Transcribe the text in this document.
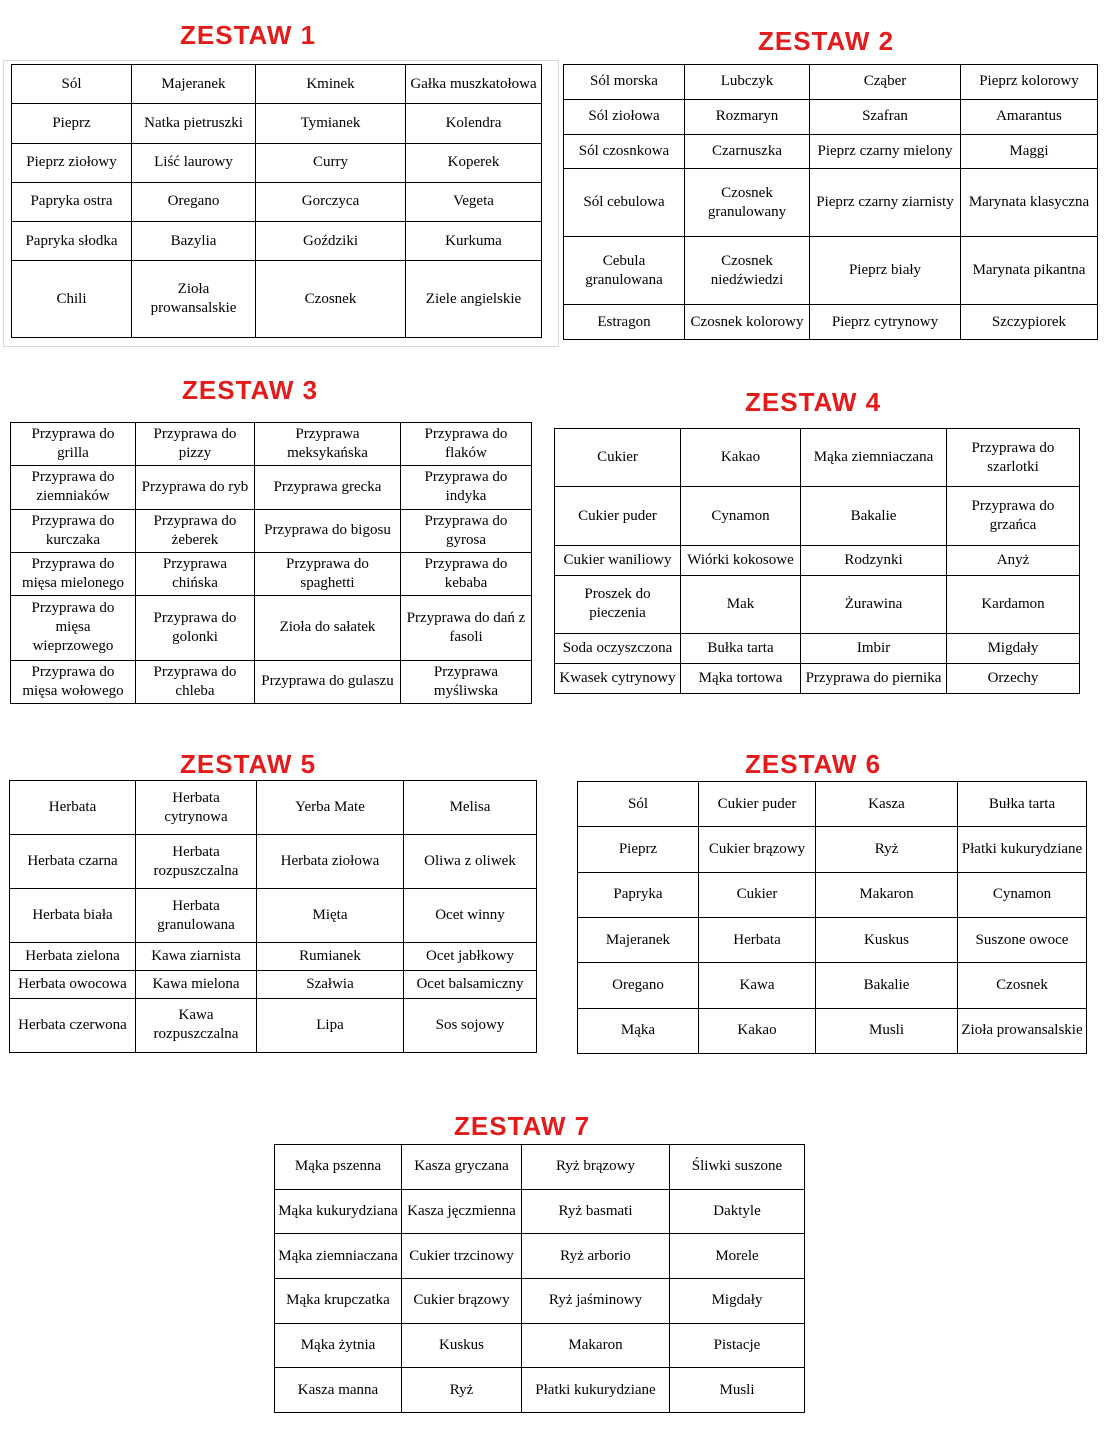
ZESTAW 1
Sól	Majeranek	Kminek	Gałka muszkatołowa
Pieprz	Natka pietruszki	Tymianek	Kolendra
Pieprz ziołowy	Liść laurowy	Curry	Koperek
Papryka ostra	Oregano	Gorczyca	Vegeta
Papryka słodka	Bazylia	Goździki	Kurkuma
Chili	Zioła prowansalskie	Czosnek	Ziele angielskie
ZESTAW 2
Sól morska	Lubczyk	Cząber	Pieprz kolorowy
Sól ziołowa	Rozmaryn	Szafran	Amarantus
Sól czosnkowa	Czarnuszka	Pieprz czarny mielony	Maggi
Sól cebulowa	Czosnek granulowany	Pieprz czarny ziarnisty	Marynata klasyczna
Cebula granulowana	Czosnek niedźwiedzi	Pieprz biały	Marynata pikantna
Estragon	Czosnek kolorowy	Pieprz cytrynowy	Szczypiorek
ZESTAW 3
Przyprawa do grilla	Przyprawa do pizzy	Przyprawa meksykańska	Przyprawa do flaków
Przyprawa do ziemniaków	Przyprawa do ryb	Przyprawa grecka	Przyprawa do indyka
Przyprawa do kurczaka	Przyprawa do żeberek	Przyprawa do bigosu	Przyprawa do gyrosa
Przyprawa do mięsa mielonego	Przyprawa chińska	Przyprawa do spaghetti	Przyprawa do kebaba
Przyprawa do mięsa wieprzowego	Przyprawa do golonki	Zioła do sałatek	Przyprawa do dań z fasoli
Przyprawa do mięsa wołowego	Przyprawa do chleba	Przyprawa do gulaszu	Przyprawa myśliwska
ZESTAW 4
Cukier	Kakao	Mąka ziemniaczana	Przyprawa do szarlotki
Cukier puder	Cynamon	Bakalie	Przyprawa do grzańca
Cukier waniliowy	Wiórki kokosowe	Rodzynki	Anyż
Proszek do pieczenia	Mak	Żurawina	Kardamon
Soda oczyszczona	Bułka tarta	Imbir	Migdały
Kwasek cytrynowy	Mąka tortowa	Przyprawa do piernika	Orzechy
ZESTAW 5
Herbata	Herbata cytrynowa	Yerba Mate	Melisa
Herbata czarna	Herbata rozpuszczalna	Herbata ziołowa	Oliwa z oliwek
Herbata biała	Herbata granulowana	Mięta	Ocet winny
Herbata zielona	Kawa ziarnista	Rumianek	Ocet jabłkowy
Herbata owocowa	Kawa mielona	Szałwia	Ocet balsamiczny
Herbata czerwona	Kawa rozpuszczalna	Lipa	Sos sojowy
ZESTAW 6
Sól	Cukier puder	Kasza	Bułka tarta
Pieprz	Cukier brązowy	Ryż	Płatki kukurydziane
Papryka	Cukier	Makaron	Cynamon
Majeranek	Herbata	Kuskus	Suszone owoce
Oregano	Kawa	Bakalie	Czosnek
Mąka	Kakao	Musli	Zioła prowansalskie
ZESTAW 7
Mąka pszenna	Kasza gryczana	Ryż brązowy	Śliwki suszone
Mąka kukurydziana	Kasza jęczmienna	Ryż basmati	Daktyle
Mąka ziemniaczana	Cukier trzcinowy	Ryż arborio	Morele
Mąka krupczatka	Cukier brązowy	Ryż jaśminowy	Migdały
Mąka żytnia	Kuskus	Makaron	Pistacje
Kasza manna	Ryż	Płatki kukurydziane	Musli
